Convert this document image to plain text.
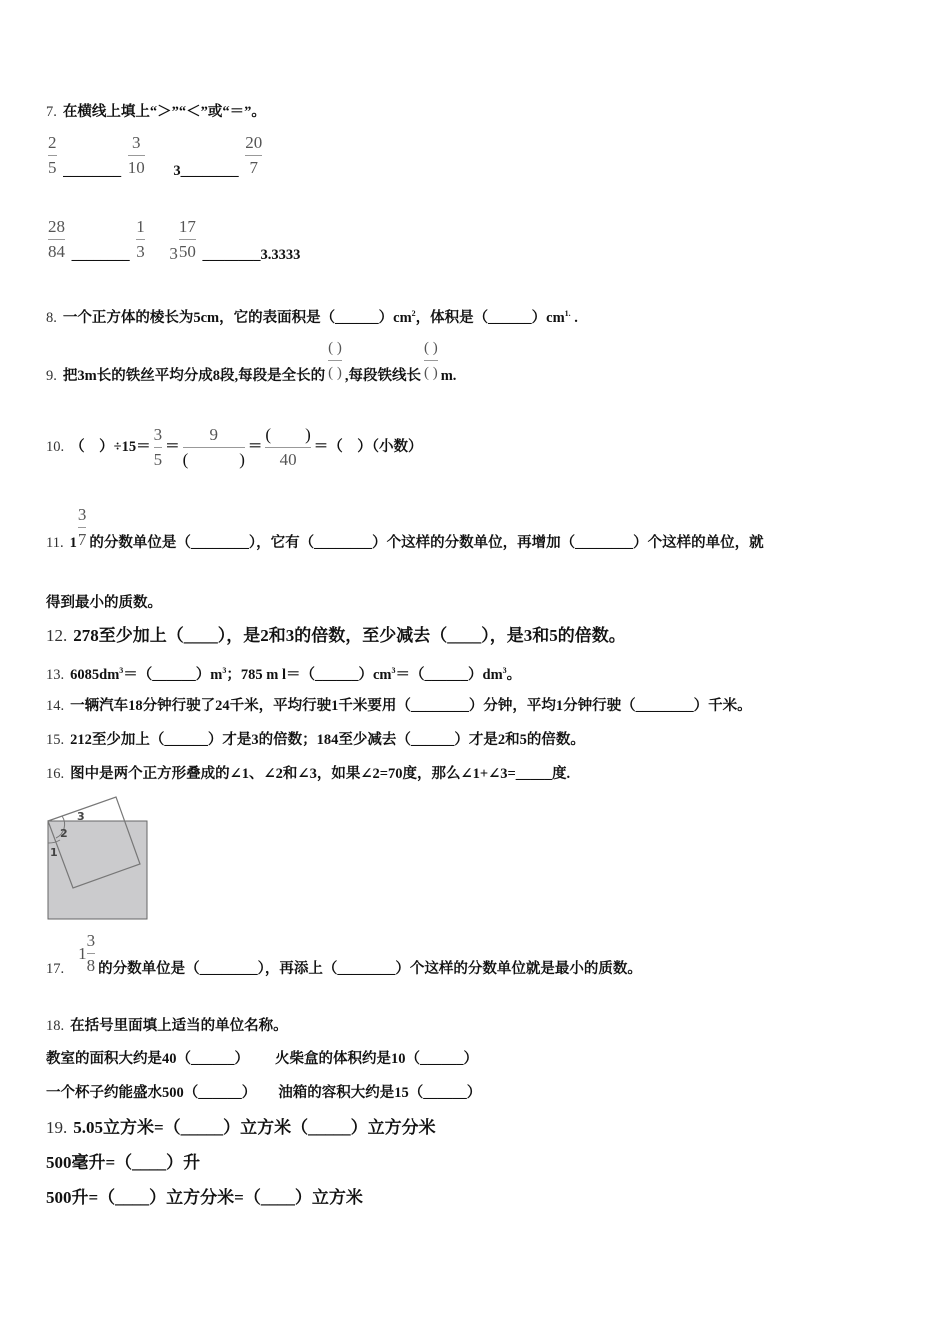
7. 在横线上填上“＞”“＜”或“＝”。
$\frac{2}{5}$ ________ $\frac{3}{10}$ 3________ $\frac{20}{7}$
$\frac{28}{84}$ ________ $\frac{1}{3} 3 \frac{17}{50}$ ________3.3333
8. 一个正方体的棱长为5cm，它的表面积是$(\_\_\_\_\_\_)cm^2$，体积是$(\_\_\_\_\_\_)cm^{1.}$ .
9. 把3m长的铁丝平均分成8段,每段是全长的
( )
( ) ,每段铁线长
( )
( ) m.
10. （　）$\div 15= \frac{3}{5}$ ＝
9
(　　　)
＝
(　　)
40
＝（　）（小数）
11. $1 \frac{3}{7}$ 的分数单位是（________），它有（________）个这样的分数单位，再增加（________）个这样的单位，就
得到最小的质数。
12. 278至少加上（____），是2和3的倍数，至少减去（____），是3和5的倍数。
13. $6085dm^3=(\_\_\_\_\_\_)m^3$；785 m $l=(\_\_\_\_\_\_)cm^3=(\_\_\_\_\_\_)dm^3$。
14. 一辆汽车18分钟行驶了24千米，平均行驶1千米要用（________）分钟，平均1分钟行驶（________）千米。
15. 212至少加上（______）才是3的倍数；184至少减去（______）才是2和5的倍数。
16. 图中是两个正方形叠成的∠1、∠2和∠3，如果∠2=70度，那么∠1+∠3=_____度.
1
2
3
$17.1 \frac{3}{8}$ 的分数单位是（________），再添上（________）个这样的分数单位就是最小的质数。
18. 在括号里面填上适当的单位名称。
教室的面积大约是40（______） 火柴盒的体积约是10（______）
一个杯子约能盛水500（______） 油箱的容积大约是15（______）
19. 5.05立方米=（_____）立方米（_____）立方分米
500毫升=（____）升
500升=（____）立方分米=（____）立方米
